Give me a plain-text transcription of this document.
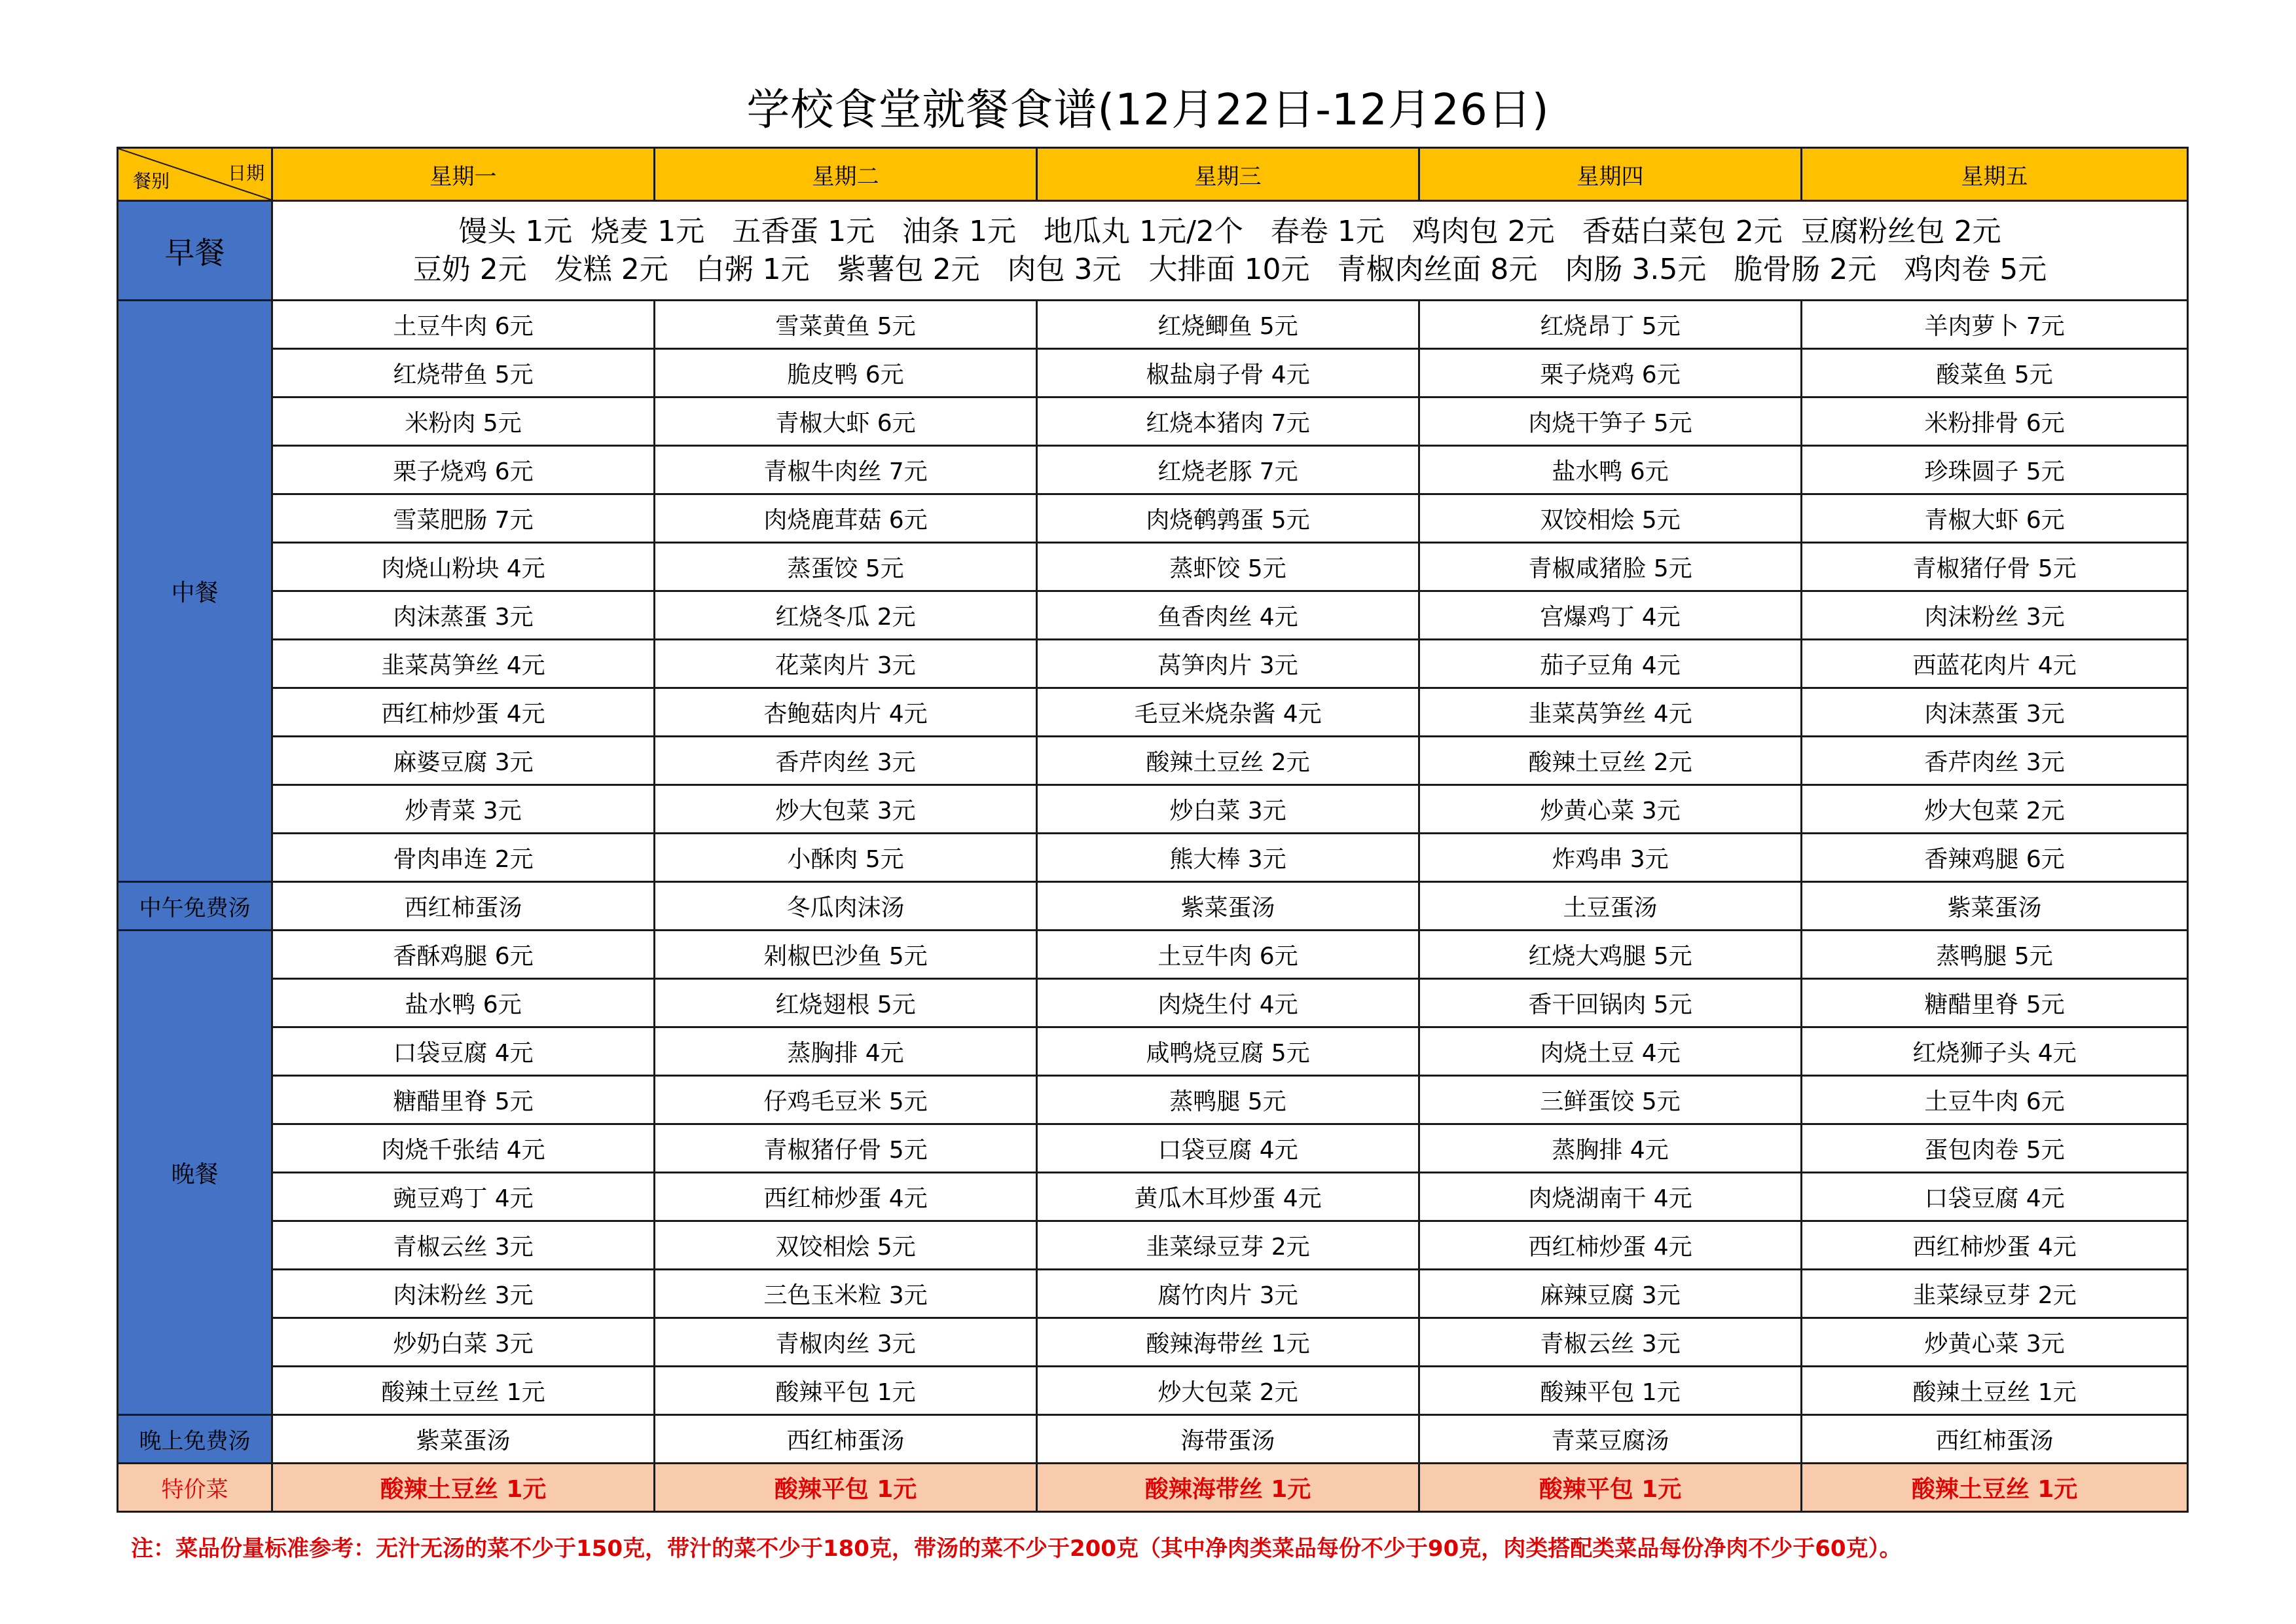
学校食堂就餐食谱(12月22日-12月26日)
日期
餐别	星期一	星期二	星期三	星期四	星期五
早餐	馒头 1元  烧麦 1元   五香蛋 1元   油条 1元   地瓜丸 1元/2个   春卷 1元   鸡肉包 2元   香菇白菜包 2元  豆腐粉丝包 2元
豆奶 2元   发糕 2元   白粥 1元   紫薯包 2元   肉包 3元   大排面 10元   青椒肉丝面 8元   肉肠 3.5元   脆骨肠 2元   鸡肉卷 5元				

中餐	土豆牛肉 6元	雪菜黄鱼 5元	红烧鲫鱼 5元	红烧昂丁 5元	羊肉萝卜 7元
	红烧带鱼 5元	脆皮鸭 6元	椒盐扇子骨 4元	栗子烧鸡 6元	酸菜鱼 5元
	米粉肉 5元	青椒大虾 6元	红烧本猪肉 7元	肉烧干笋子 5元	米粉排骨 6元
	栗子烧鸡 6元	青椒牛肉丝 7元	红烧老豚 7元	盐水鸭 6元	珍珠圆子 5元
	雪菜肥肠 7元	肉烧鹿茸菇 6元	肉烧鹌鹑蛋 5元	双饺相烩 5元	青椒大虾 6元
	肉烧山粉块 4元	蒸蛋饺 5元	蒸虾饺 5元	青椒咸猪脸 5元	青椒猪仔骨 5元
	肉沫蒸蛋 3元	红烧冬瓜 2元	鱼香肉丝 4元	宫爆鸡丁 4元	肉沫粉丝 3元
	韭菜莴笋丝 4元	花菜肉片 3元	莴笋肉片 3元	茄子豆角 4元	西蓝花肉片 4元
	西红柿炒蛋 4元	杏鲍菇肉片 4元	毛豆米烧杂酱 4元	韭菜莴笋丝 4元	肉沫蒸蛋 3元
	麻婆豆腐 3元	香芹肉丝 3元	酸辣土豆丝 2元	酸辣土豆丝 2元	香芹肉丝 3元
	炒青菜 3元	炒大包菜 3元	炒白菜 3元	炒黄心菜 3元	炒大包菜 2元
	骨肉串连 2元	小酥肉 5元	熊大棒 3元	炸鸡串 3元	香辣鸡腿 6元
中午免费汤	西红柿蛋汤	冬瓜肉沫汤	紫菜蛋汤	土豆蛋汤	紫菜蛋汤
晚餐	香酥鸡腿 6元	剁椒巴沙鱼 5元	土豆牛肉 6元	红烧大鸡腿 5元	蒸鸭腿 5元
	盐水鸭 6元	红烧翅根 5元	肉烧生付 4元	香干回锅肉 5元	糖醋里脊 5元
	口袋豆腐 4元	蒸胸排 4元	咸鸭烧豆腐 5元	肉烧土豆 4元	红烧狮子头 4元
	糖醋里脊 5元	仔鸡毛豆米 5元	蒸鸭腿 5元	三鲜蛋饺 5元	土豆牛肉 6元
	肉烧千张结 4元	青椒猪仔骨 5元	口袋豆腐 4元	蒸胸排 4元	蛋包肉卷 5元
	豌豆鸡丁 4元	西红柿炒蛋 4元	黄瓜木耳炒蛋 4元	肉烧湖南干 4元	口袋豆腐 4元
	青椒云丝 3元	双饺相烩 5元	韭菜绿豆芽 2元	西红柿炒蛋 4元	西红柿炒蛋 4元
	肉沫粉丝 3元	三色玉米粒 3元	腐竹肉片 3元	麻辣豆腐 3元	韭菜绿豆芽 2元
	炒奶白菜 3元	青椒肉丝 3元	酸辣海带丝 1元	青椒云丝 3元	炒黄心菜 3元
	酸辣土豆丝 1元	酸辣平包 1元	炒大包菜 2元	酸辣平包 1元	酸辣土豆丝 1元
晚上免费汤	紫菜蛋汤	西红柿蛋汤	海带蛋汤	青菜豆腐汤	西红柿蛋汤
特价菜	酸辣土豆丝 1元	酸辣平包 1元	酸辣海带丝 1元	酸辣平包 1元	酸辣土豆丝 1元
注：菜品份量标准参考：无汁无汤的菜不少于150克，带汁的菜不少于180克，带汤的菜不少于200克（其中净肉类菜品每份不少于90克，肉类搭配类菜品每份净肉不少于60克）。
